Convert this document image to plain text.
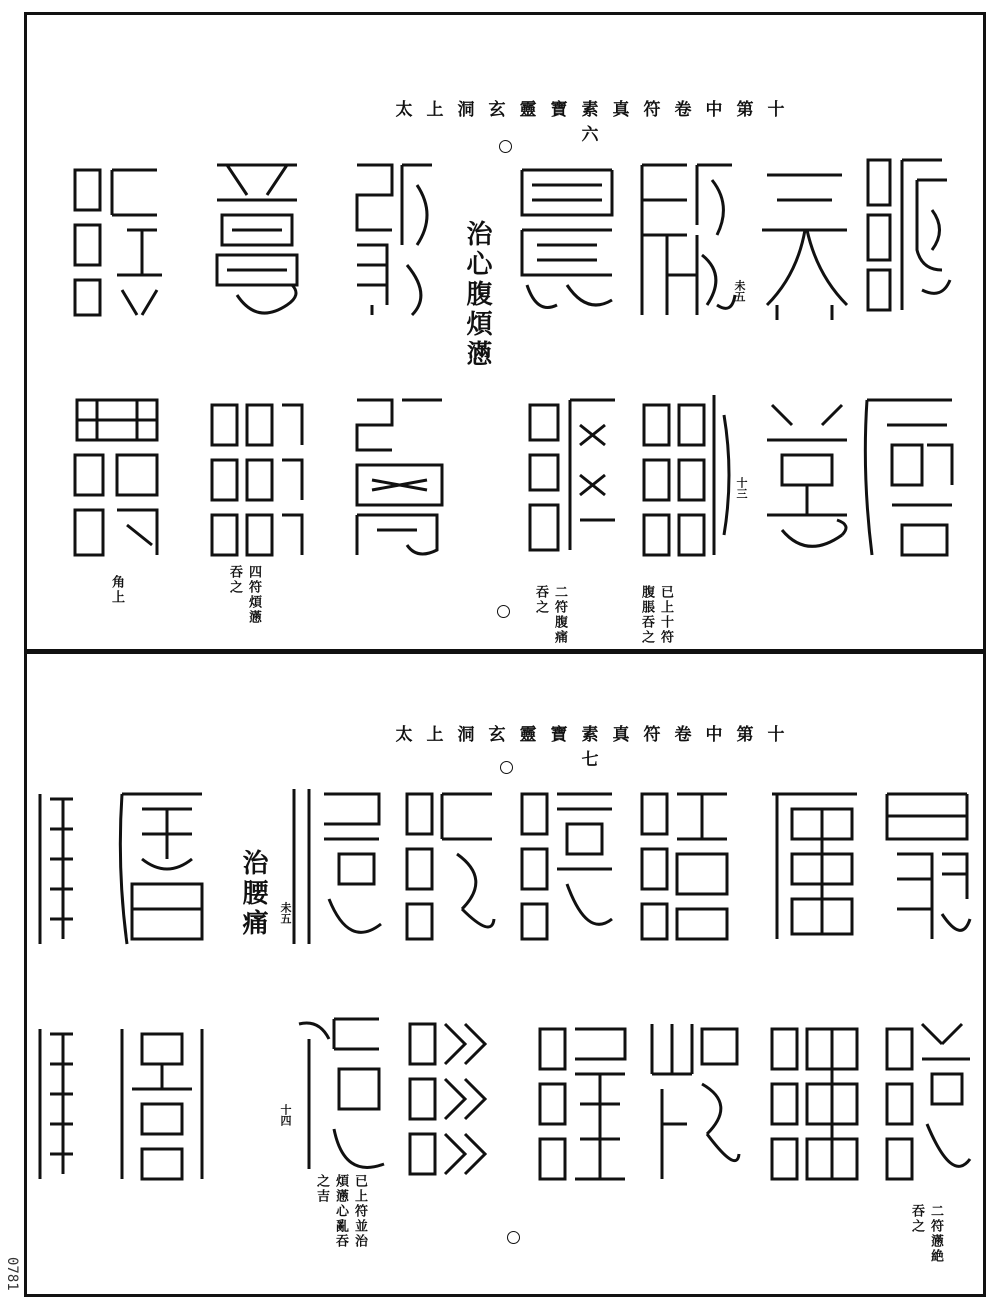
太上洞玄靈寶素真符卷中第十六
治心腹煩懣	未五
十三
已上十符腹脹吞之
二符腹痛吞之
四符煩懣吞之
角上
太上洞玄靈寶素真符卷中第十七
治腰痛	未五
十四
二符懣絶吞之
已上符並治煩懣心亂吞之吉
0781
